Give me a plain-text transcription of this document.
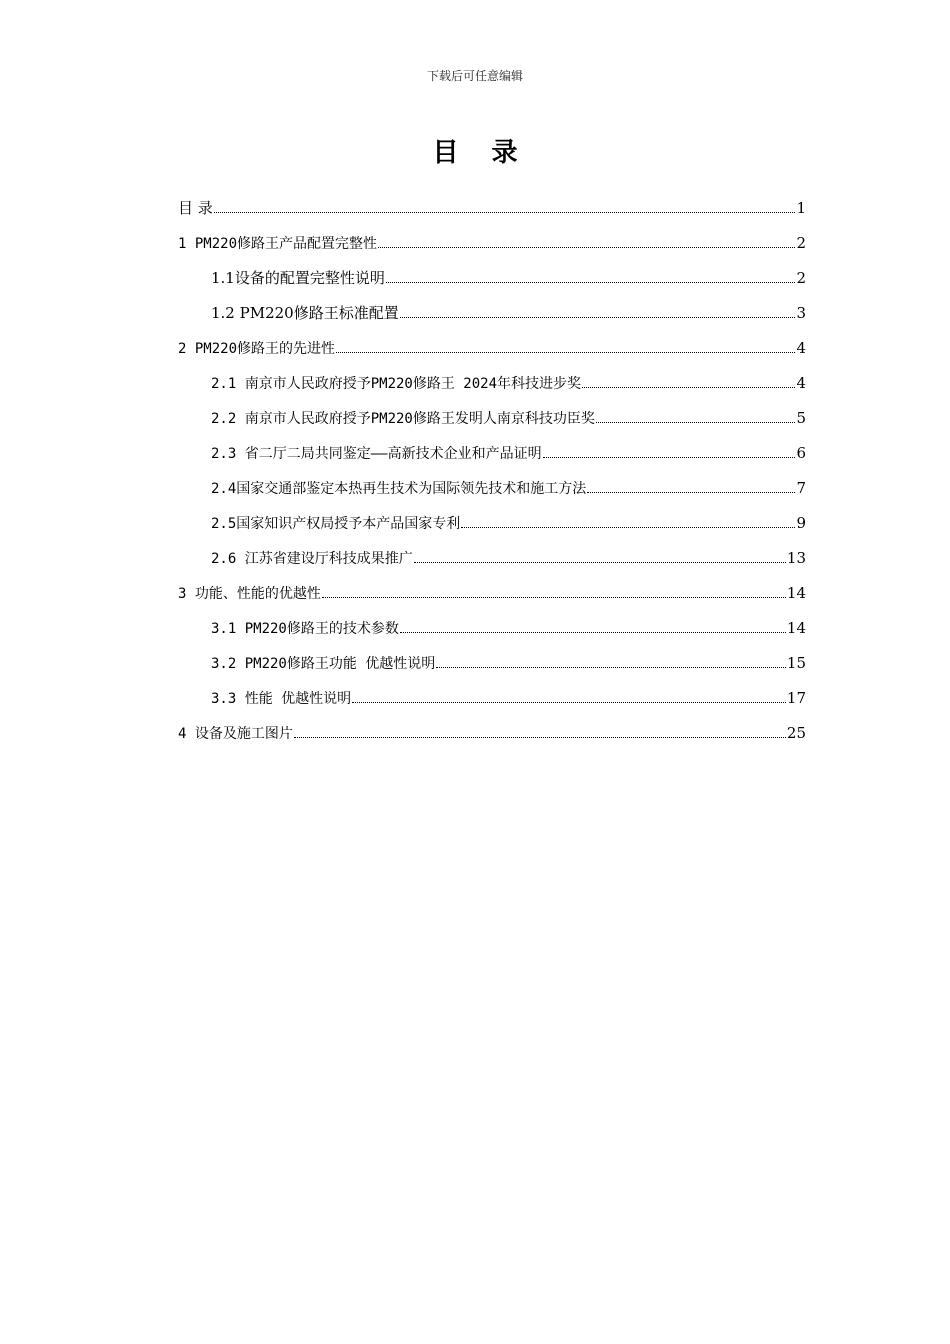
下载后可任意编辑
目 录
目 录	1
1 PM220修路王产品配置完整性	2
1.1设备的配置完整性说明	2
1.2 PM220修路王标准配置	3
2 PM220修路王的先进性	4
2.1 南京市人民政府授予PM220修路王 2024年科技进步奖	4
2.2 南京市人民政府授予PM220修路王发明人南京科技功臣奖	5
2.3 省二厅二局共同鉴定——高新技术企业和产品证明	6
2.4国家交通部鉴定本热再生技术为国际领先技术和施工方法	7
2.5国家知识产权局授予本产品国家专利	9
2.6 江苏省建设厅科技成果推广	13
3 功能、性能的优越性	14
3.1 PM220修路王的技术参数	14
3.2 PM220修路王功能 优越性说明	15
3.3 性能 优越性说明	17
4 设备及施工图片	25
